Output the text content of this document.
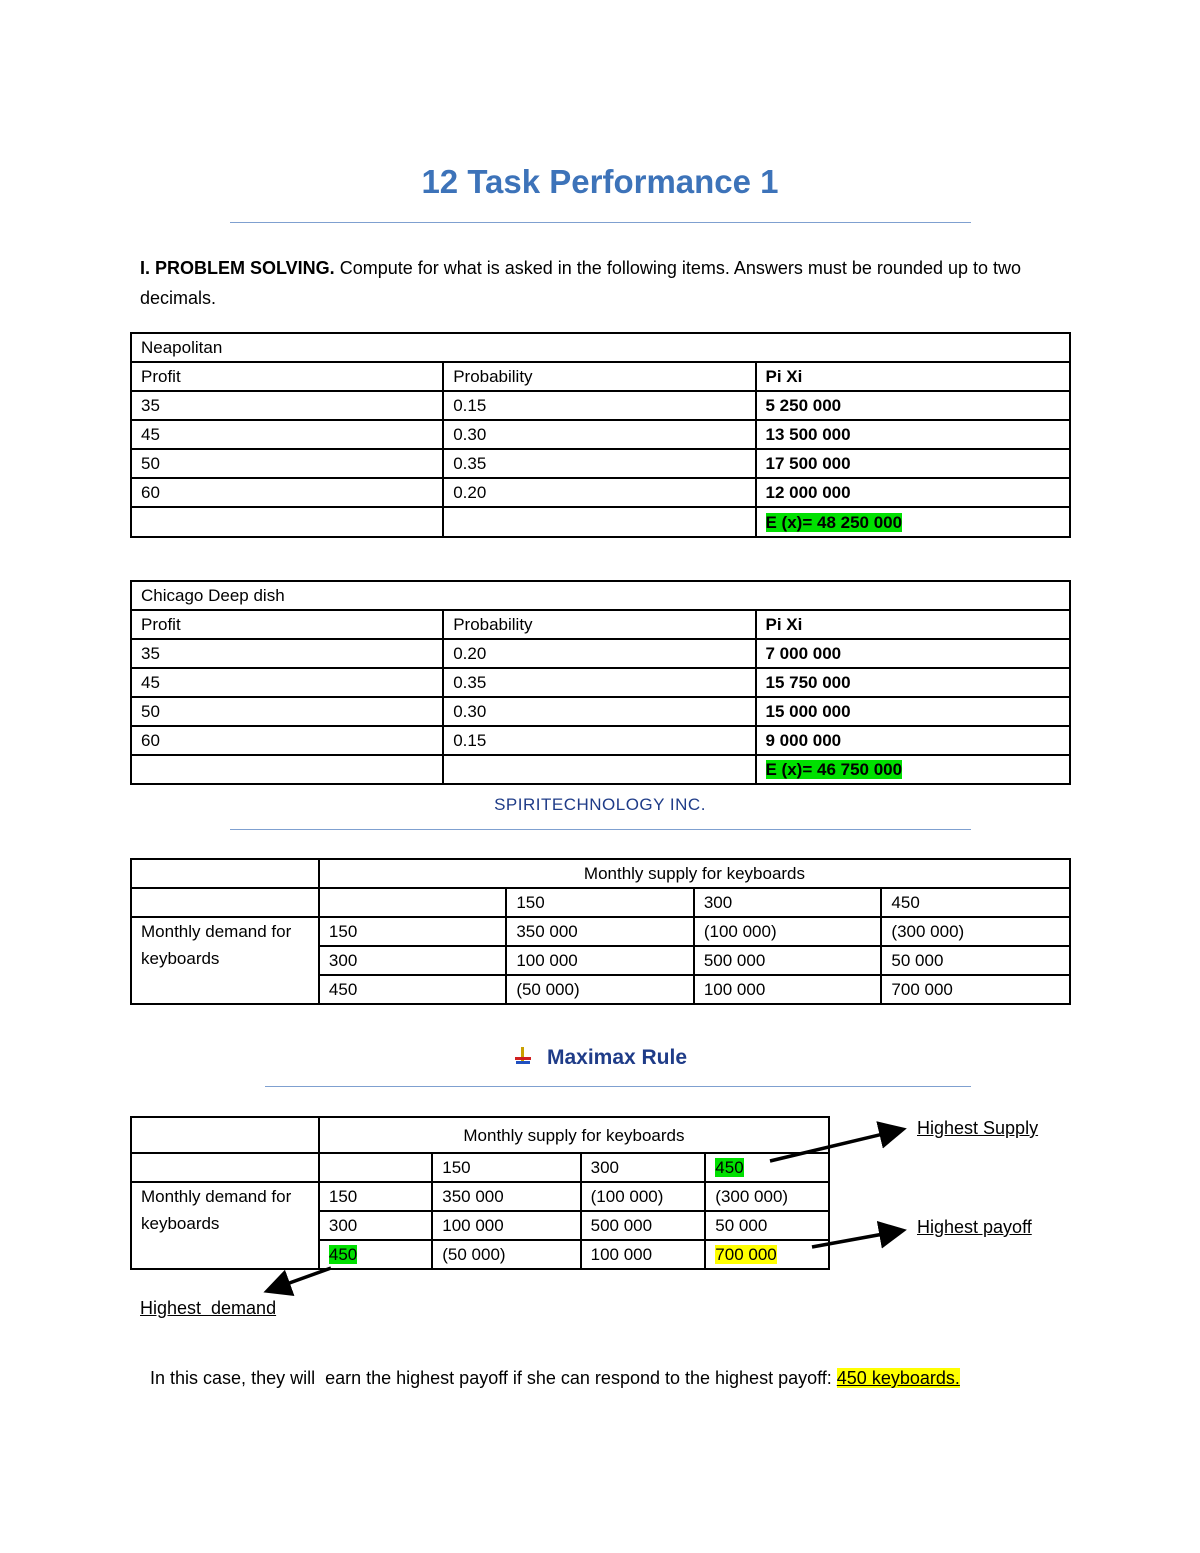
12 Task Performance 1
I. PROBLEM SOLVING. Compute for what is asked in the following items. Answers must be rounded up to two decimals.
Neapolitan		
Profit	Probability	Pi Xi
35	0.15	5 250 000
45	0.30	13 500 000
50	0.35	17 500 000
60	0.20	12 000 000
		E (x)= 48 250 000
Chicago Deep dish		
Profit	Probability	Pi Xi
35	0.20	7 000 000
45	0.35	15 750 000
50	0.30	15 000 000
60	0.15	9 000 000
		E (x)= 46 750 000
SPIRITECHNOLOGY INC.
	Monthly supply for keyboards			
		150	300	450

Monthly demand for keyboards	150	350 000	(100 000)	(300 000)
	300	100 000	500 000	50 000
	450	(50 000)	100 000	700 000
Maximax Rule
	Monthly supply for keyboards			
		150	300	450

Monthly demand for keyboards	150	350 000	(100 000)	(300 000)
	300	100 000	500 000	50 000
	450	(50 000)	100 000	700 000
Highest Supply
Highest payoff
Highest  demand

In this case, they will  earn the highest payoff if she can respond to the highest payoff: 450 keyboards.
